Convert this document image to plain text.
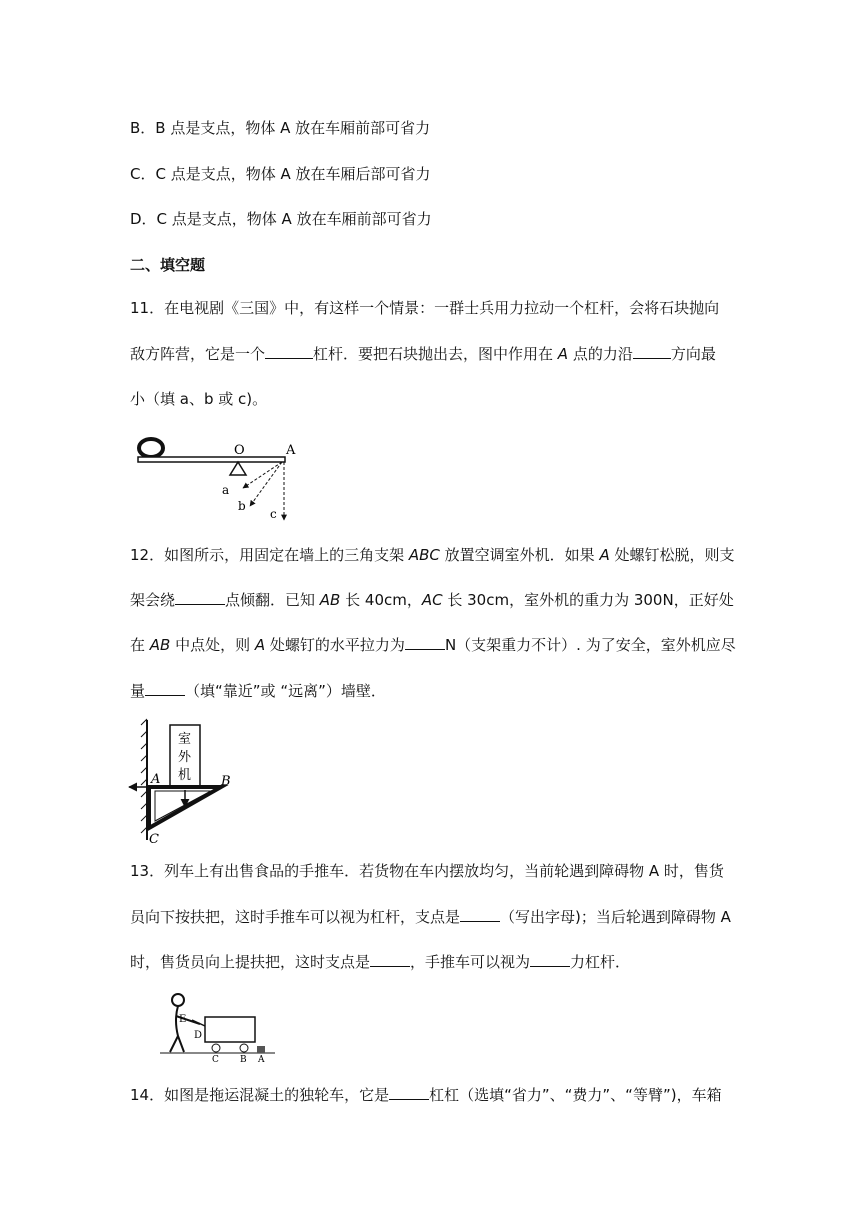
B．B 点是支点，物体 A 放在车厢前部可省力
C．C 点是支点，物体 A 放在车厢后部可省力
D．C 点是支点，物体 A 放在车厢前部可省力
二、填空题
11．在电视剧《三国》中，有这样一个情景：一群士兵用力拉动一个杠杆，会将石块抛向
敌方阵营，它是一个	杠杆．要把石块抛出去，图中作用在 A 点的力沿	方向最
小（填 a、b 或 c)。
O	A
a
b
c
12．如图所示，用固定在墙上的三角支架 ABC 放置空调室外机．如果 A 处螺钉松脱，则支
架会绕	点倾翻．已知 AB 长 40cm，AC 长 30cm，室外机的重力为 300N，正好处
在 AB 中点处，则 A 处螺钉的水平拉力为	N（支架重力不计）. 为了安全，室外机应尽
量	（填“靠近”或 “远离”）墙壁．
室
外
机
A	B
C
13．列车上有出售食品的手推车．若货物在车内摆放均匀，当前轮遇到障碍物 A 时，售货
员向下按扶把，这时手推车可以视为杠杆，支点是	（写出字母)；当后轮遇到障碍物 A
时，售货员向上提扶把，这时支点是	，手推车可以视为	力杠杆．
E
D
C B A
14．如图是拖运混凝土的独轮车，它是	杠杠（选填“省力”、“费力”、“等臂”)，车箱
